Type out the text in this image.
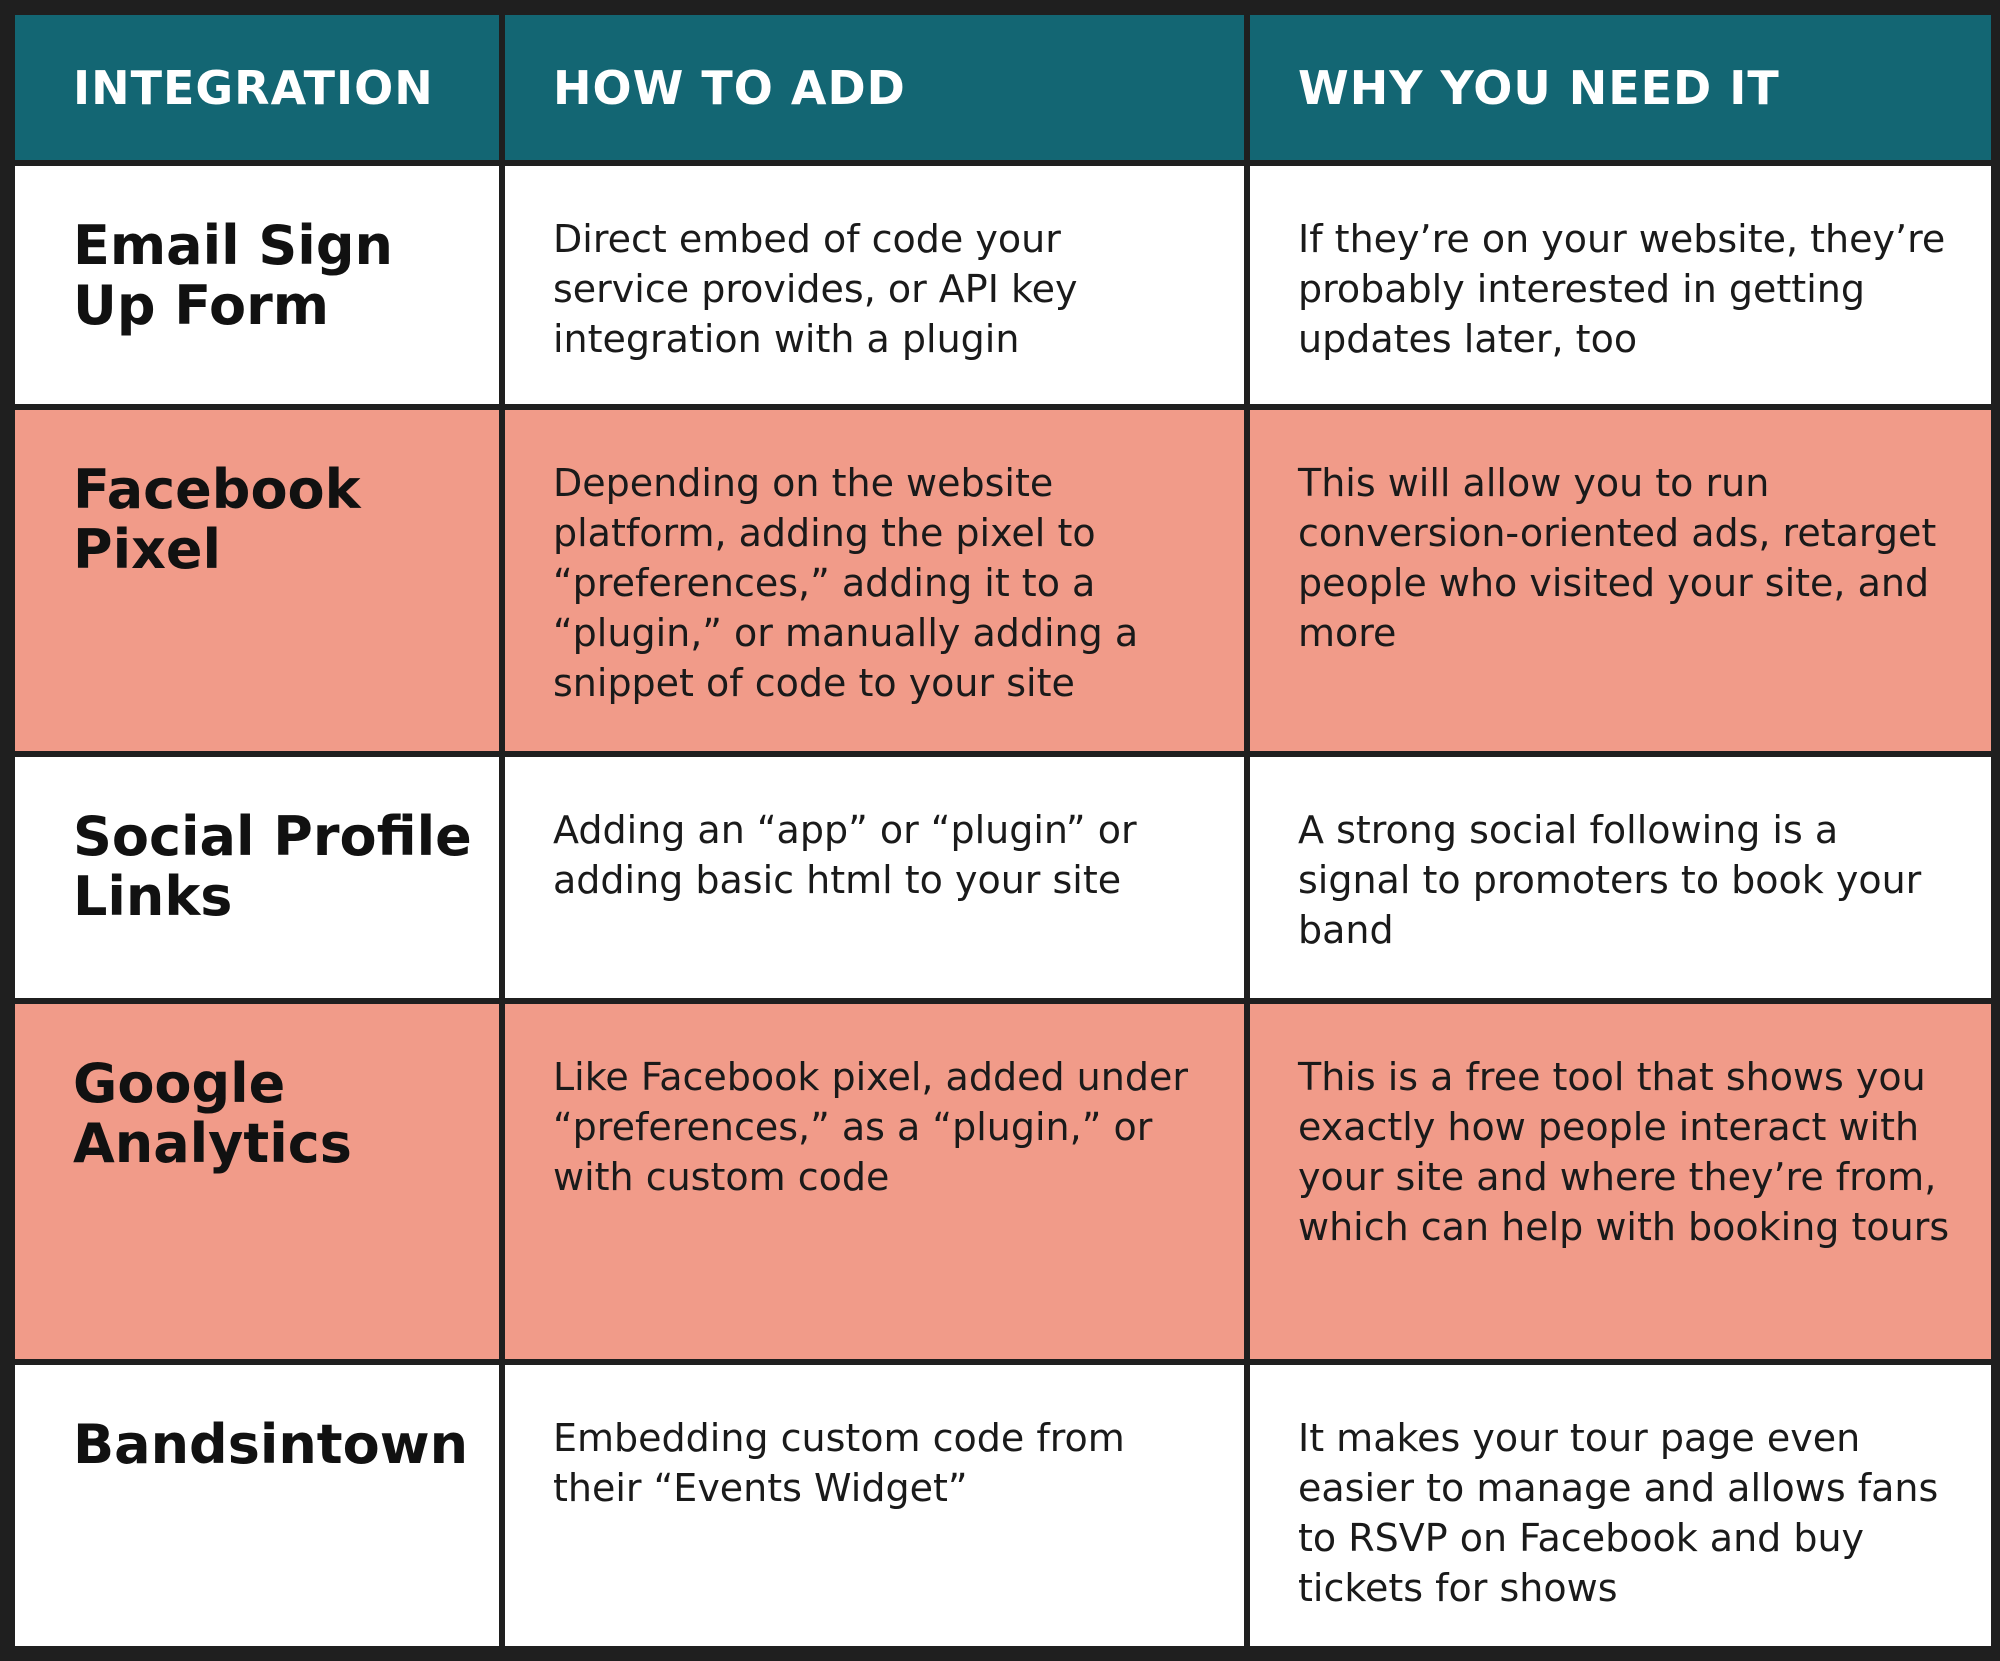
INTEGRATION	HOW TO ADD	WHY YOU NEED IT
Email Sign Up Form	Direct embed of code your service provides, or API key integration with a plugin	If they’re on your website, they’re probably interested in getting updates later, too
Facebook Pixel	Depending on the website platform, adding the pixel to “preferences,” adding it to a “plugin,” or manually adding a snippet of code to your site	This will allow you to run conversion-oriented ads, retarget people who visited your site, and more
Social Profile Links	Adding an “app” or “plugin” or adding basic html to your site	A strong social following is a signal to promoters to book your band
Google Analytics	Like Facebook pixel, added under “preferences,” as a “plugin,” or with custom code	This is a free tool that shows you exactly how people interact with your site and where they’re from, which can help with booking tours
Bandsintown	Embedding custom code from their “Events Widget”	It makes your tour page even easier to manage and allows fans to RSVP on Facebook and buy tickets for shows
